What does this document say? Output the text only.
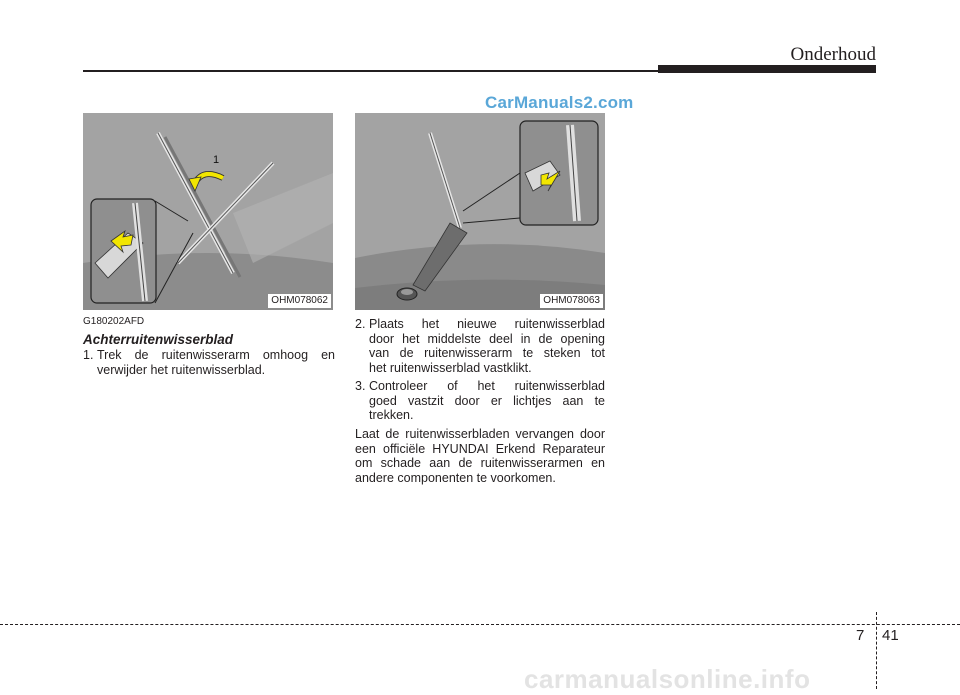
Onderhoud
CarManuals2.com
1
OHM078062	OHM078063
G180202AFD
Achterruitenwisserblad
1. Trek de ruitenwisserarm omhoog en verwijder het ruitenwisserblad.
2. Plaats het nieuwe ruitenwisserblad
door het middelste deel in de opening
van de ruitenwisserarm te steken tot
het ruitenwisserblad vastklikt.
3. Controleer of het ruitenwisserblad
goed vastzit door er lichtjes aan te
trekken.
Laat de ruitenwisserbladen vervangen door een officiële HYUNDAI Erkend Reparateur om schade aan de ruitenwisserarmen en andere componenten te voorkomen.
7 41
carmanualsonline.info
